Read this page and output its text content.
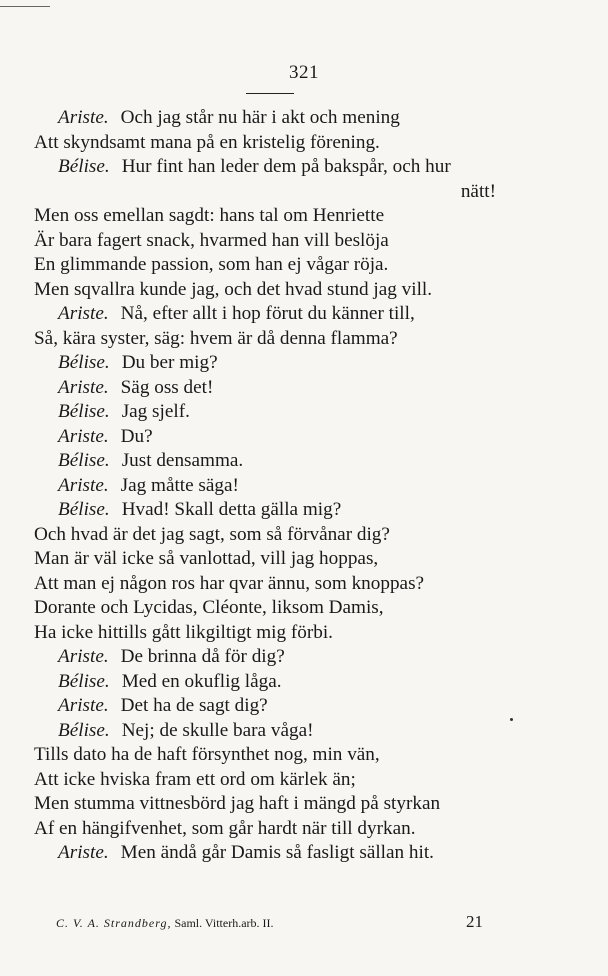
321
Ariste. Och jag står nu här i akt och mening
Att skyndsamt mana på en kristelig förening.
Bélise. Hur fint han leder dem på bakspår, och hur
nätt!
Men oss emellan sagdt: hans tal om Henriette
Är bara fagert snack, hvarmed han vill beslöja
En glimmande passion, som han ej vågar röja.
Men sqvallra kunde jag, och det hvad stund jag vill.
Ariste. Nå, efter allt i hop förut du känner till,
Så, kära syster, säg: hvem är då denna flamma?
Bélise. Du ber mig?
Ariste. Säg oss det!
Bélise. Jag sjelf.
Ariste. Du?
Bélise. Just densamma.
Ariste. Jag måtte säga!
Bélise. Hvad! Skall detta gälla mig?
Och hvad är det jag sagt, som så förvånar dig?
Man är väl icke så vanlottad, vill jag hoppas,
Att man ej någon ros har qvar ännu, som knoppas?
Dorante och Lycidas, Cléonte, liksom Damis,
Ha icke hittills gått likgiltigt mig förbi.
Ariste. De brinna då för dig?
Bélise. Med en okuflig låga.
Ariste. Det ha de sagt dig?
Bélise. Nej; de skulle bara våga!
Tills dato ha de haft försynthet nog, min vän,
Att icke hviska fram ett ord om kärlek än;
Men stumma vittnesbörd jag haft i mängd på styrkan
Af en hängifvenhet, som går hardt när till dyrkan.
Ariste. Men ändå går Damis så fasligt sällan hit.
C. V. A. Strandberg, Saml. Vitterh.arb. II.	21
